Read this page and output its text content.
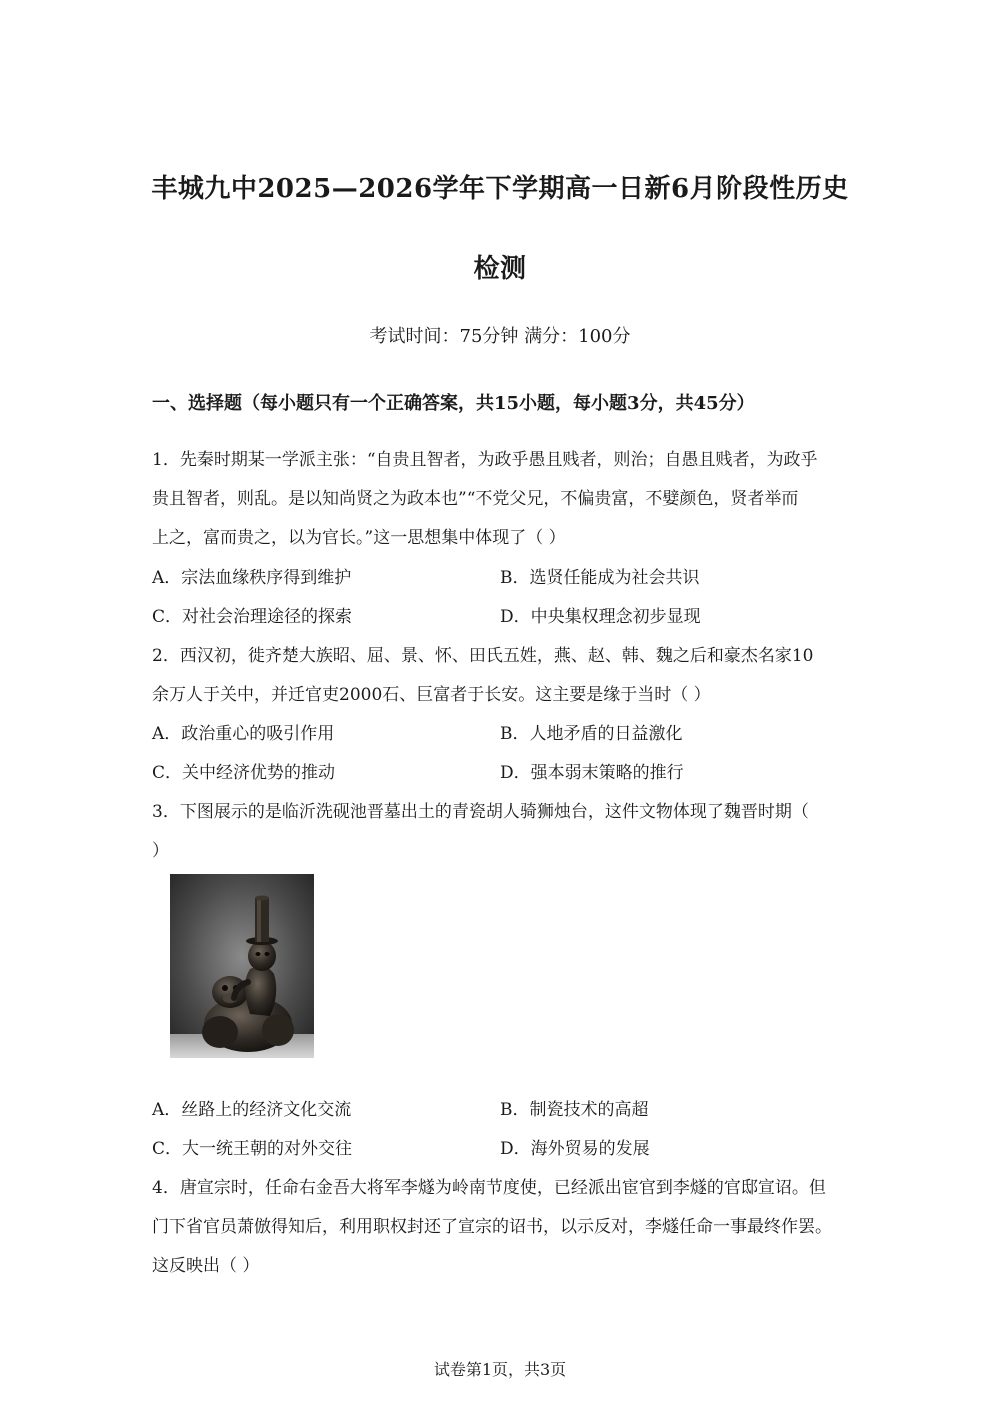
丰城九中2025—2026学年下学期高一日新6月阶段性历史
检测
考试时间：75分钟 满分：100分
一、选择题（每小题只有一个正确答案，共15小题，每小题3分，共45分）
1．先秦时期某一学派主张：“自贵且智者，为政乎愚且贱者，则治；自愚且贱者，为政乎
贵且智者，则乱。是以知尚贤之为政本也”“不党父兄，不偏贵富，不嬖颜色，贤者举而
上之，富而贵之，以为官长。”这一思想集中体现了（ ）
A．宗法血缘秩序得到维护	B．选贤任能成为社会共识
C．对社会治理途径的探索	D．中央集权理念初步显现
2．西汉初，徙齐楚大族昭、屈、景、怀、田氏五姓，燕、赵、韩、魏之后和豪杰名家10
余万人于关中，并迁官吏2000石、巨富者于长安。这主要是缘于当时（ ）
A．政治重心的吸引作用	B．人地矛盾的日益激化
C．关中经济优势的推动	D．强本弱末策略的推行
3．下图展示的是临沂洗砚池晋墓出土的青瓷胡人骑狮烛台，这件文物体现了魏晋时期（
）
A．丝路上的经济文化交流	B．制瓷技术的高超
C．大一统王朝的对外交往	D．海外贸易的发展
4．唐宣宗时，任命右金吾大将军李燧为岭南节度使，已经派出宦官到李燧的官邸宣诏。但
门下省官员萧倣得知后，利用职权封还了宣宗的诏书，以示反对，李燧任命一事最终作罢。
这反映出（ ）
试卷第1页，共3页
